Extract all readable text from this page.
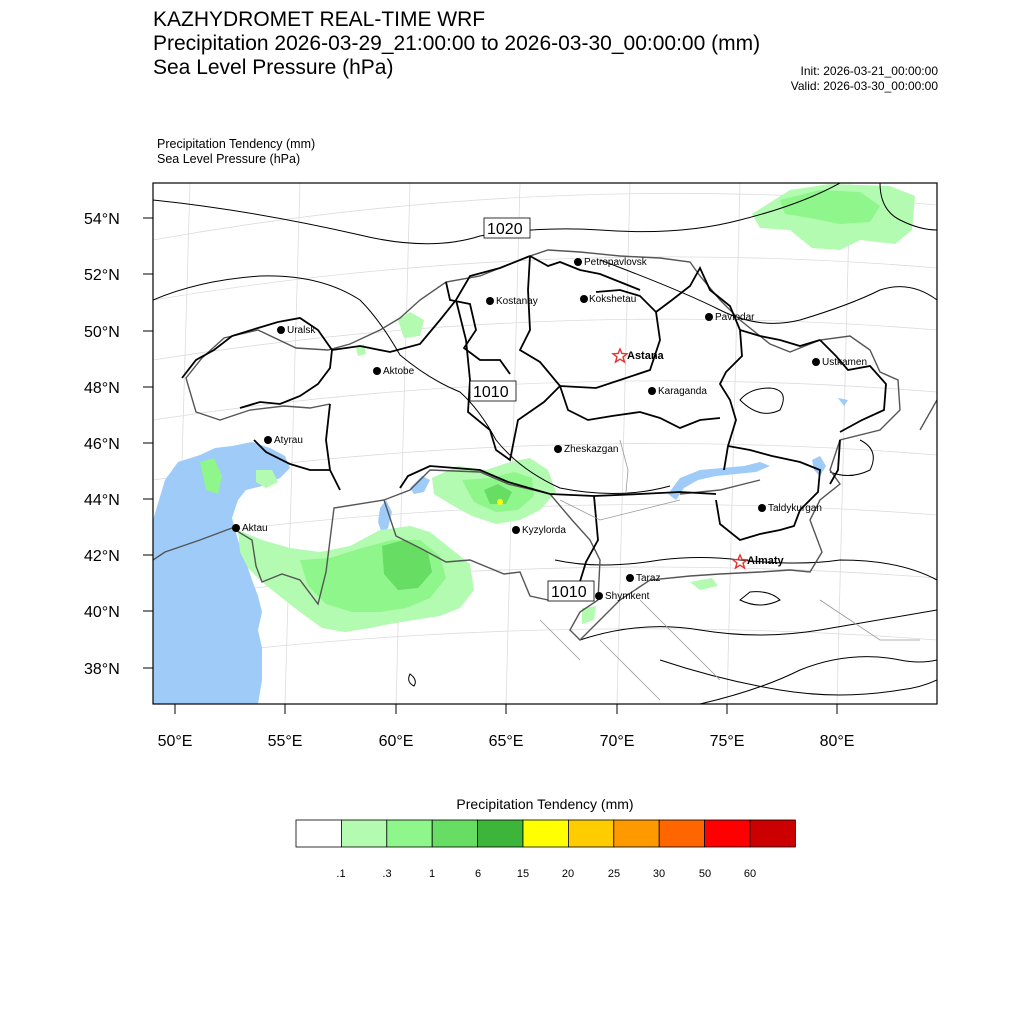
KAZHYDROMET REAL-TIME WRF
Precipitation 2026-03-29_21:00:00 to 2026-03-30_00:00:00 (mm)
Sea Level Pressure (hPa)	Init: 2026-03-21_00:00:00
Valid: 2026-03-30_00:00:00
Precipitation Tendency (mm)
Sea Level Pressure (hPa)
54°N
52°N
50°N
48°N
46°N
44°N
42°N
40°N
38°N
50°E	55°E	60°E	65°E	70°E	75°E	80°E
1020
1010
1010
Petropavlovsk
Kostanay	Kokshetau
Pavlodar
Uralsk
Astana
Aktobe
Ustkamen
Karaganda
Atyrau
Zheskazgan
Kyzylorda
Aktau
Taldykurgan
Almaty
Taraz
Shymkent
Precipitation Tendency (mm)
.1	.3	1	6	15	20	25	30	50	60
